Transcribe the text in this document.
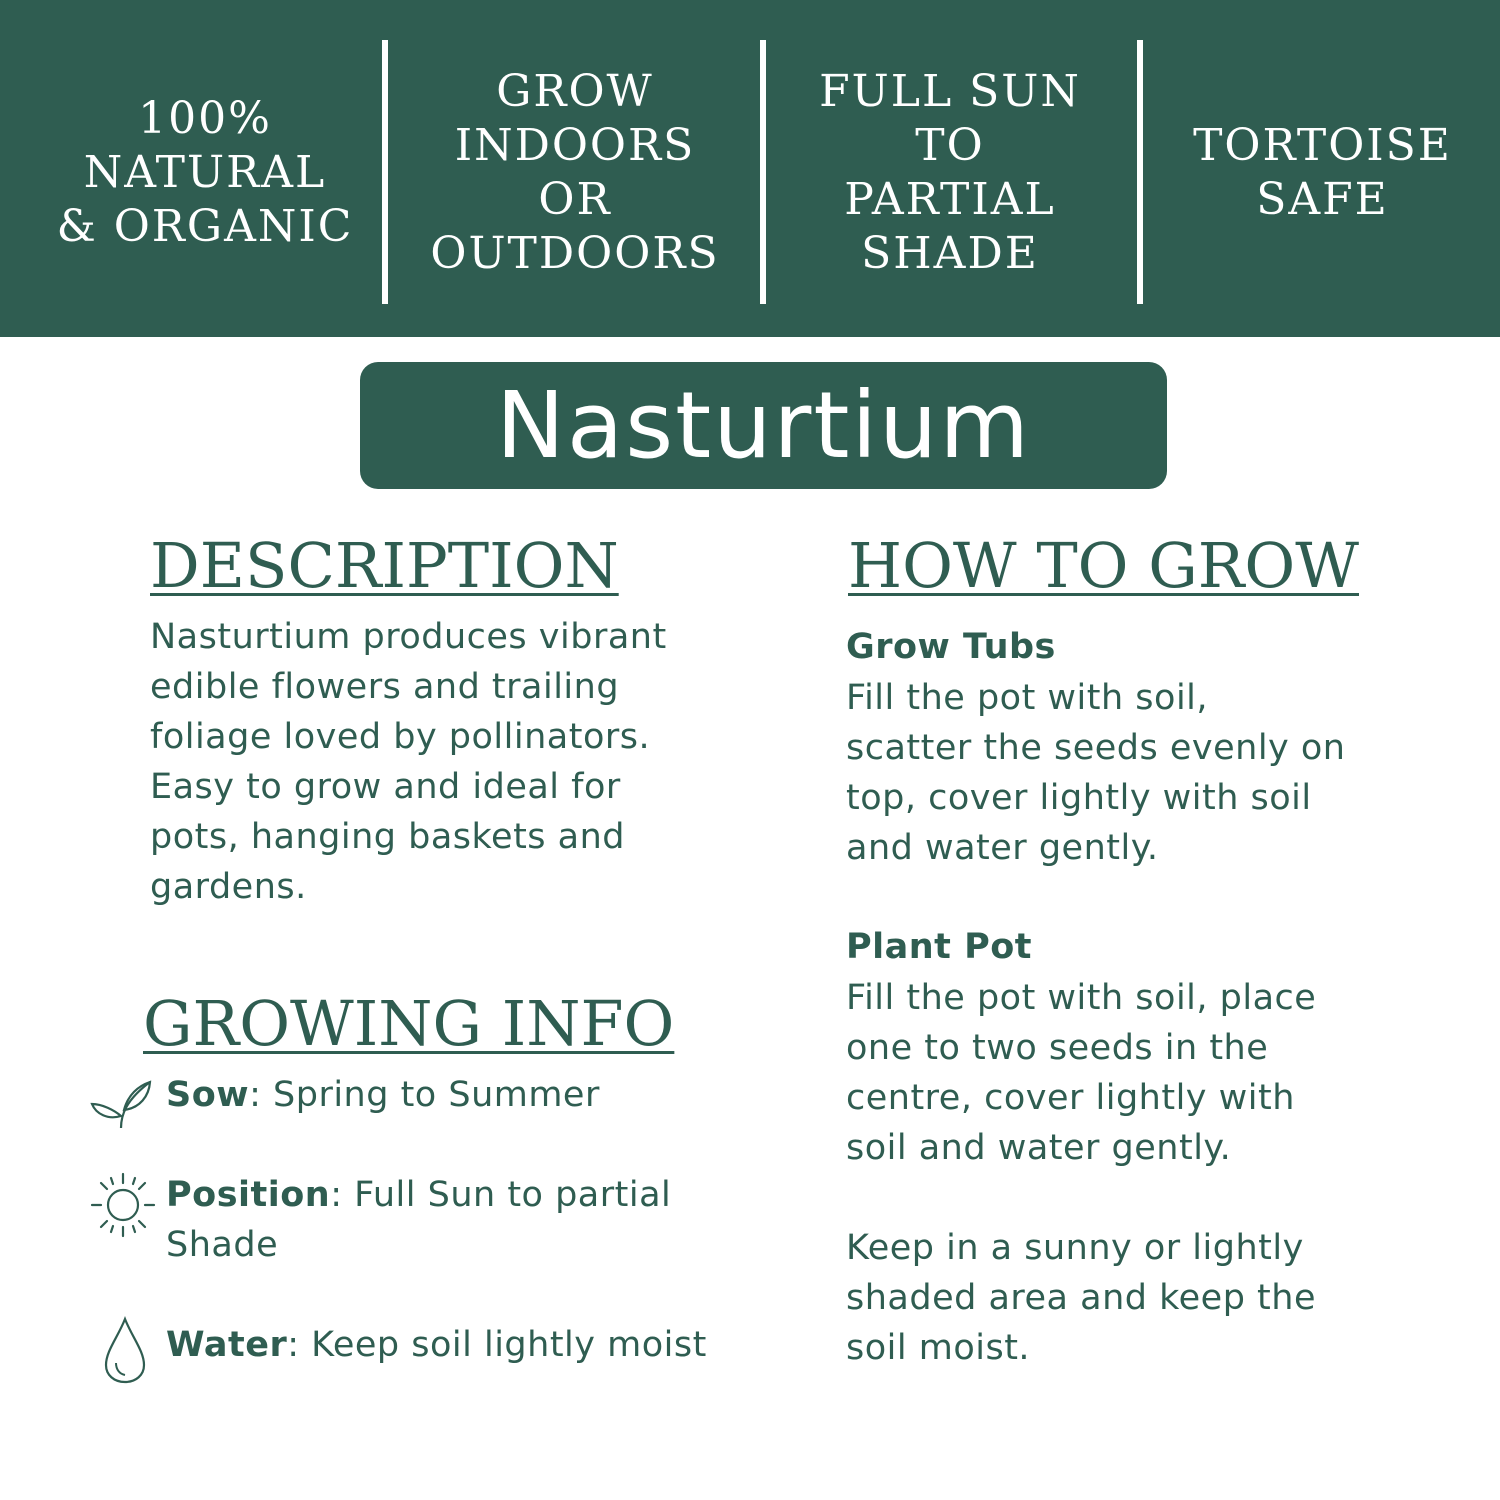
100%
NATURAL
& ORGANIC
GROW
INDOORS
OR
OUTDOORS
FULL SUN
TO
PARTIAL
SHADE
TORTOISE
SAFE
Nasturtium
DESCRIPTION
Nasturtium produces vibrant
edible flowers and trailing
foliage loved by pollinators.
Easy to grow and ideal for
pots, hanging baskets and
gardens.
GROWING INFO
Sow: Spring to Summer
Position: Full Sun to partial
Shade
Water: Keep soil lightly moist
HOW TO GROW
Grow Tubs
Fill the pot with soil,
scatter the seeds evenly on
top, cover lightly with soil
and water gently.
Plant Pot
Fill the pot with soil, place
one to two seeds in the
centre, cover lightly with
soil and water gently.
Keep in a sunny or lightly
shaded area and keep the
soil moist.
